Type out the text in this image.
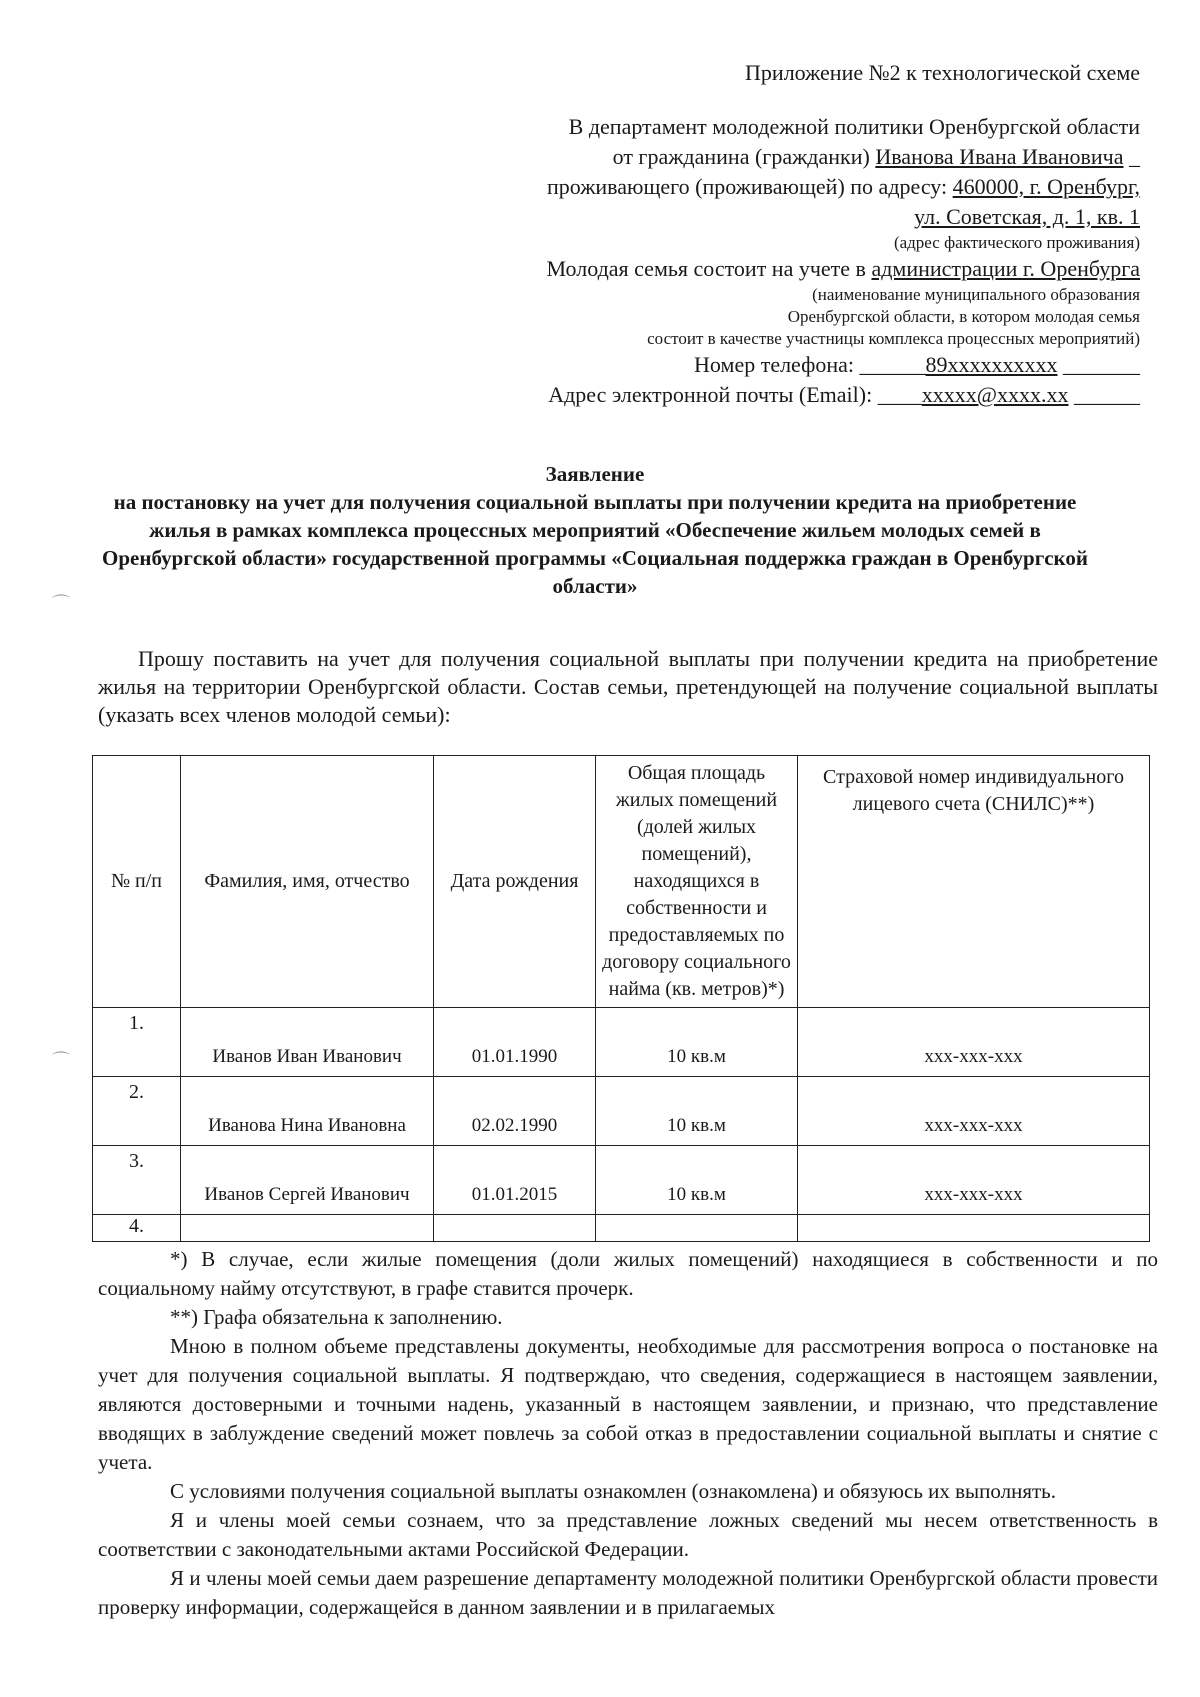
Приложение №2 к технологической схеме
В департамент молодежной политики Оренбургской области
от гражданина (гражданки) Иванова Ивана Ивановича _
проживающего (проживающей) по адресу: 460000, г. Оренбург,
ул. Советская, д. 1, кв. 1
(адрес фактического проживания)
Молодая семья состоит на учете в администрации г. Оренбурга
(наименование муниципального образования
Оренбургской области, в котором молодая семья
состоит в качестве участницы комплекса процессных мероприятий)
Номер телефона: ______89xxxxxxxxxx _______
Адрес электронной почты (Email): ____xxxxx@xxxx.xx ______
Заявление
на постановку на учет для получения социальной выплаты при получении кредита на приобретение жилья в рамках комплекса процессных мероприятий «Обеспечение жильем молодых семей в Оренбургской области» государственной программы «Социальная поддержка граждан в Оренбургской области»
Прошу поставить на учет для получения социальной выплаты при получении кредита на приобретение жилья на территории Оренбургской области. Состав семьи, претендующей на получение социальной выплаты (указать всех членов молодой семьи):
№ п/п	Фамилия, имя, отчество	Дата рождения	Общая площадь жилых помещений (долей жилых помещений), находящихся в собственности и предоставляемых по договору социального найма (кв. метров)*)	Страховой номер индивидуального лицевого счета (СНИЛС)**)
1.	Иванов Иван Иванович	01.01.1990	10 кв.м	xxx-xxx-xxx
2.	Иванова Нина Ивановна	02.02.1990	10 кв.м	xxx-xxx-xxx
3.	Иванов Сергей Иванович	01.01.2015	10 кв.м	xxx-xxx-xxx
4.				

*) В случае, если жилые помещения (доли жилых помещений) находящиеся в собственности и по социальному найму отсутствуют, в графе ставится прочерк.

**) Графа обязательна к заполнению.

Мною в полном объеме представлены документы, необходимые для рассмотрения вопроса о постановке на учет для получения социальной выплаты. Я подтверждаю, что сведения, содержащиеся в настоящем заявлении, являются достоверными и точными надень, указанный в настоящем заявлении, и признаю, что представление вводящих в заблуждение сведений может повлечь за собой отказ в предоставлении социальной выплаты и снятие с учета.

С условиями получения социальной выплаты ознакомлен (ознакомлена) и обязуюсь их выполнять.

Я и члены моей семьи сознаем, что за представление ложных сведений мы несем ответственность в соответствии с законодательными актами Российской Федерации.

Я и члены моей семьи даем разрешение департаменту молодежной политики Оренбургской области провести проверку информации, содержащейся в данном заявлении и в прилагаемых

⌒
⌒
